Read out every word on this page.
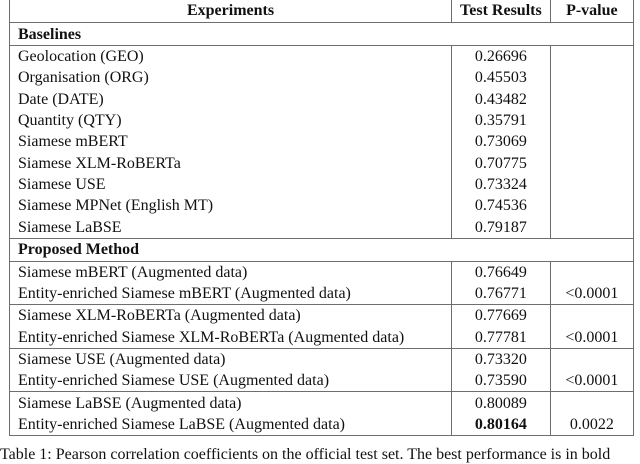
Experiments	Test Results	P-value
Baselines		
Geolocation (GEO)	0.26696	
Organisation (ORG)	0.45503	
Date (DATE)	0.43482	
Quantity (QTY)	0.35791	
Siamese mBERT	0.73069	
Siamese XLM-RoBERTa	0.70775	
Siamese USE	0.73324	
Siamese MPNet (English MT)	0.74536	
Siamese LaBSE	0.79187	
Proposed Method		
Siamese mBERT (Augmented data)	0.76649	
Entity-enriched Siamese mBERT (Augmented data)	0.76771	<0.0001
Siamese XLM-RoBERTa (Augmented data)	0.77669	
Entity-enriched Siamese XLM-RoBERTa (Augmented data)	0.77781	<0.0001
Siamese USE (Augmented data)	0.73320	
Entity-enriched Siamese USE (Augmented data)	0.73590	<0.0001
Siamese LaBSE (Augmented data)	0.80089	
Entity-enriched Siamese LaBSE (Augmented data)	0.80164	0.0022
Table 1: Pearson correlation coefficients on the official test set. The best performance is in bold
